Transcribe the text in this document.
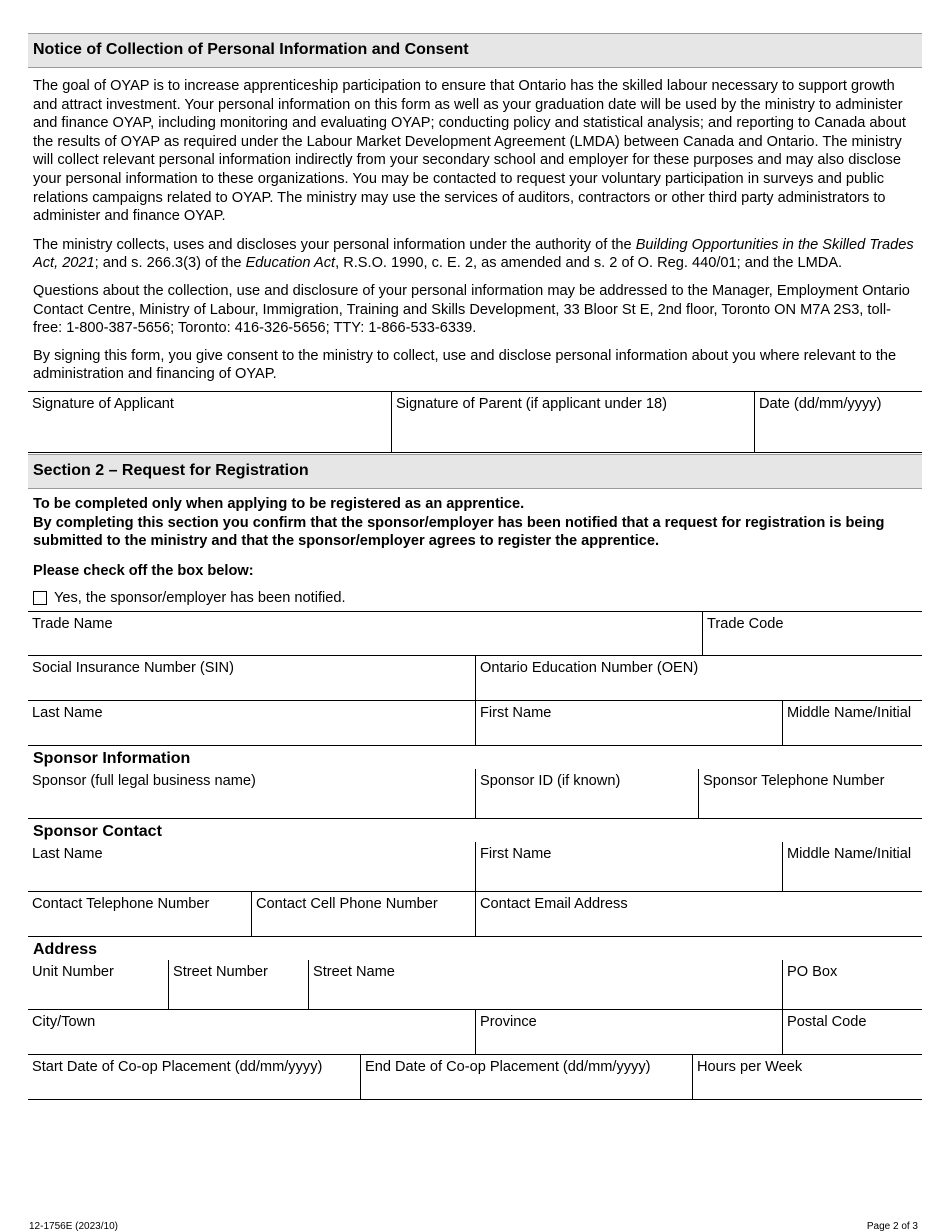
Notice of Collection of Personal Information and Consent

The goal of OYAP is to increase apprenticeship participation to ensure that Ontario has the skilled labour necessary to support growth and attract investment. Your personal information on this form as well as your graduation date will be used by the ministry to administer and finance OYAP, including monitoring and evaluating OYAP; conducting policy and statistical analysis; and reporting to Canada about the results of OYAP as required under the Labour Market Development Agreement (LMDA) between Canada and Ontario. The ministry will collect relevant personal information indirectly from your secondary school and employer for these purposes and may also disclose your personal information to these organizations. You may be contacted to request your voluntary participation in surveys and public relations campaigns related to OYAP. The ministry may use the services of auditors, contractors or other third party administrators to administer and finance OYAP.

The ministry collects, uses and discloses your personal information under the authority of the Building Opportunities in the Skilled Trades Act, 2021; and s. 266.3(3) of the Education Act, R.S.O. 1990, c. E. 2, as amended and s. 2 of O. Reg. 440/01; and the LMDA.

Questions about the collection, use and disclosure of your personal information may be addressed to the Manager, Employment Ontario Contact Centre, Ministry of Labour, Immigration, Training and Skills Development, 33 Bloor St E, 2nd floor, Toronto ON M7A 2S3, toll-free: 1-800-387-5656; Toronto: 416-326-5656; TTY: 1-866-533-6339.

By signing this form, you give consent to the ministry to collect, use and disclose personal information about you where relevant to the administration and financing of OYAP.

Signature of Applicant	Signature of Parent (if applicant under 18)	Date (dd/mm/yyyy)
Section 2 – Request for Registration

To be completed only when applying to be registered as an apprentice.

By completing this section you confirm that the sponsor/employer has been notified that a request for registration is being submitted to the ministry and that the sponsor/employer agrees to register the apprentice.

Please check off the box below:

Yes, the sponsor/employer has been notified.
Trade Name	Trade Code
Social Insurance Number (SIN)	Ontario Education Number (OEN)
Last Name	First Name	Middle Name/Initial
Sponsor Information
Sponsor (full legal business name)	Sponsor ID (if known)	Sponsor Telephone Number
Sponsor Contact
Last Name	First Name	Middle Name/Initial
Contact Telephone Number	Contact Cell Phone Number	Contact Email Address
Address
Unit Number	Street Number	Street Name	PO Box
City/Town	Province	Postal Code
Start Date of Co-op Placement (dd/mm/yyyy)	End Date of Co-op Placement (dd/mm/yyyy)	Hours per Week
12-1756E (2023/10)	Page 2 of 3
